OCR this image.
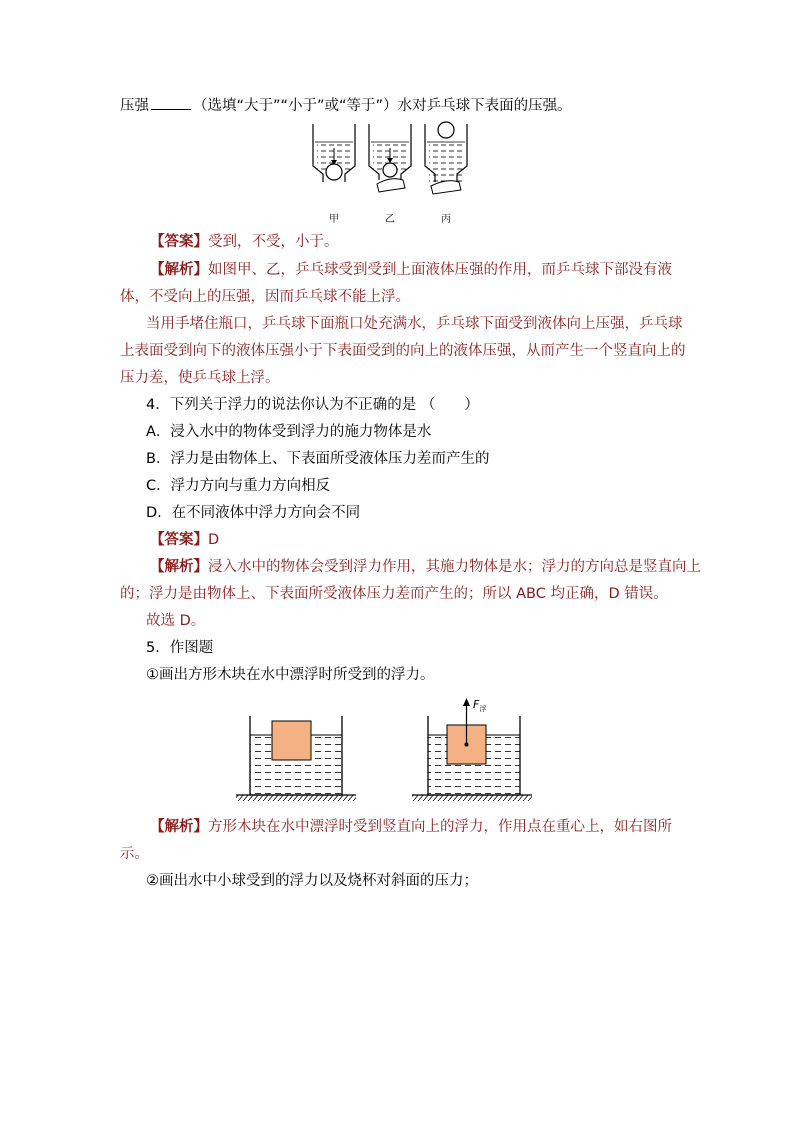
压强	（选填“大于”“小于”或“等于”）水对乒乓球下表面的压强。
甲	乙	丙
【答案】受到，不受，小于。
【解析】如图甲、乙，乒乓球受到受到上面液体压强的作用，而乒乓球下部没有液
体，不受向上的压强，因而乒乓球不能上浮。
当用手堵住瓶口，乒乓球下面瓶口处充满水，乒乓球下面受到液体向上压强，乒乓球
上表面受到向下的液体压强小于下表面受到的向上的液体压强，从而产生一个竖直向上的
压力差，使乒乓球上浮。
4．下列关于浮力的说法你认为不正确的是 （　　）
A．浸入水中的物体受到浮力的施力物体是水
B．浮力是由物体上、下表面所受液体压力差而产生的
C．浮力方向与重力方向相反
D．在不同液体中浮力方向会不同
【答案】D
【解析】浸入水中的物体会受到浮力作用，其施力物体是水；浮力的方向总是竖直向上
的；浮力是由物体上、下表面所受液体压力差而产生的；所以 ABC 均正确，D 错误。
故选 D。
5．作图题
①画出方形木块在水中漂浮时所受到的浮力。
$F_浮$
【解析】方形木块在水中漂浮时受到竖直向上的浮力，作用点在重心上，如右图所
示。
②画出水中小球受到的浮力以及烧杯对斜面的压力；
